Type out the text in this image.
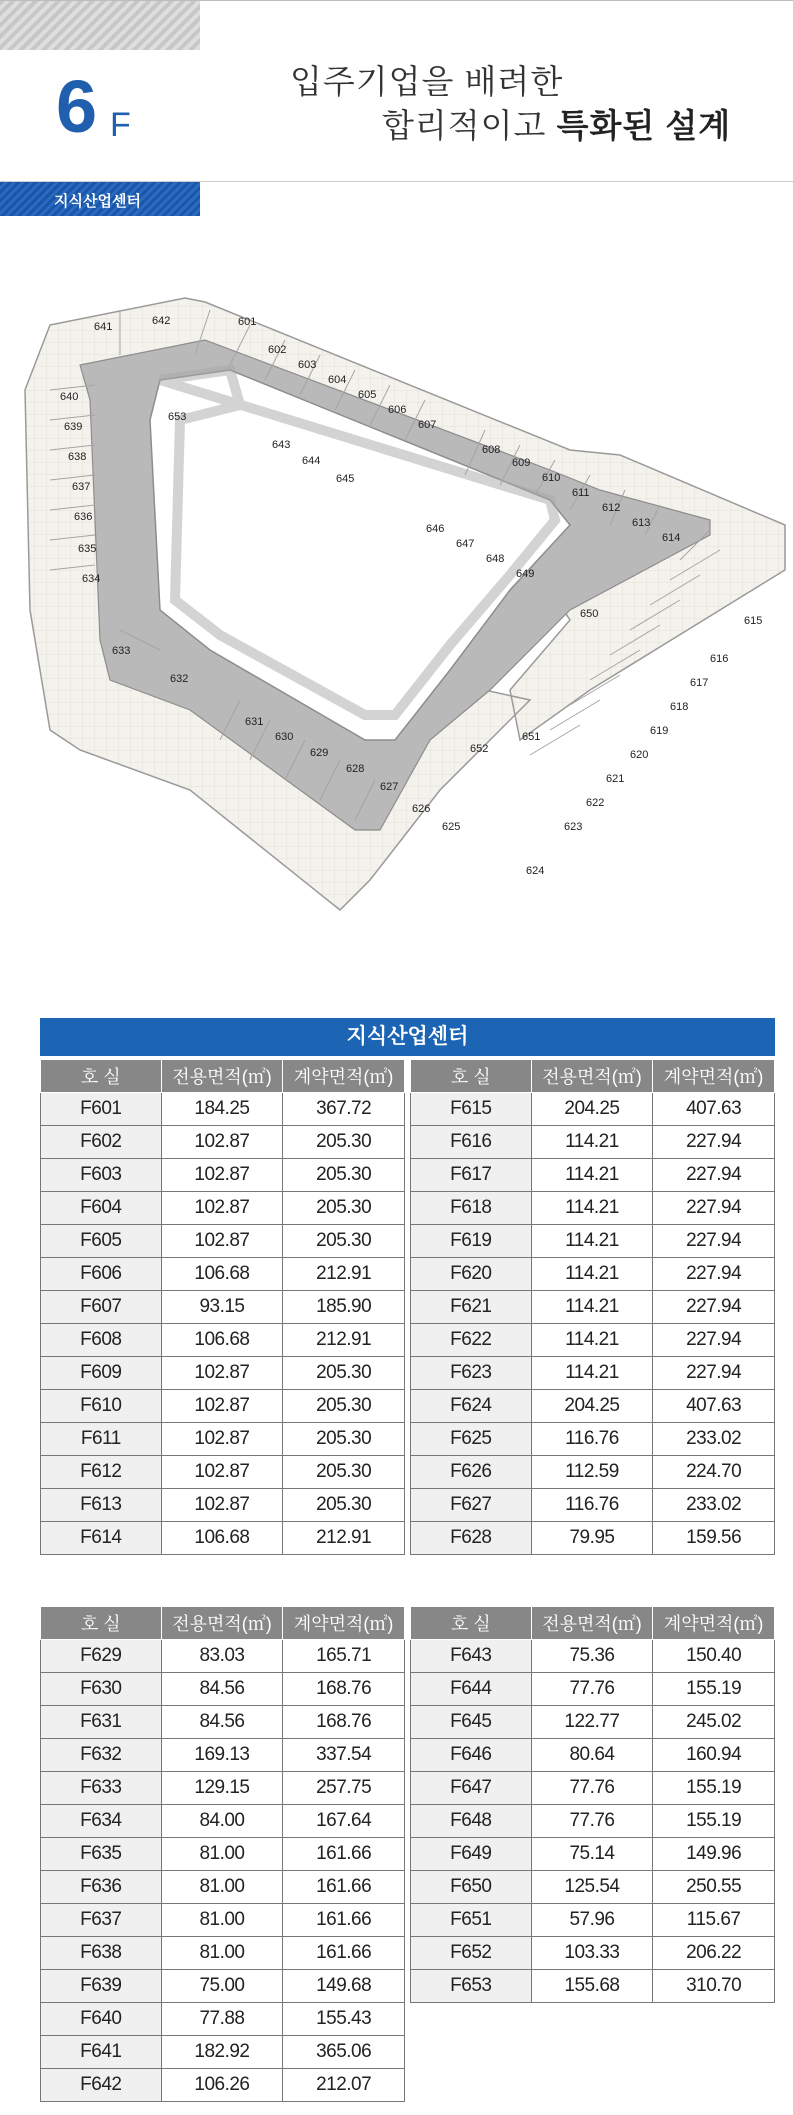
6 F
입주기업을 배려한
합리적이고 특화된 설계
지식산업센터
601
602
603
604
605
606
607
608
609
610
611
612
613
614
615
616
617
618
619
620
621
622
623
624
625
626
627
628
629
630
631
632
633
634
635
636
637
638
639
640
641	642
643
644
645
646
647
648
649
650
651
652
653
지식산업센터
호 실	전용면적(㎡)	계약면적(㎡)
F601	184.25	367.72
F602	102.87	205.30
F603	102.87	205.30
F604	102.87	205.30
F605	102.87	205.30
F606	106.68	212.91
F607	93.15	185.90
F608	106.68	212.91
F609	102.87	205.30
F610	102.87	205.30
F611	102.87	205.30
F612	102.87	205.30
F613	102.87	205.30
F614	106.68	212.91
호 실	전용면적(㎡)	계약면적(㎡)
F615	204.25	407.63
F616	114.21	227.94
F617	114.21	227.94
F618	114.21	227.94
F619	114.21	227.94
F620	114.21	227.94
F621	114.21	227.94
F622	114.21	227.94
F623	114.21	227.94
F624	204.25	407.63
F625	116.76	233.02
F626	112.59	224.70
F627	116.76	233.02
F628	79.95	159.56
호 실	전용면적(㎡)	계약면적(㎡)
F629	83.03	165.71
F630	84.56	168.76
F631	84.56	168.76
F632	169.13	337.54
F633	129.15	257.75
F634	84.00	167.64
F635	81.00	161.66
F636	81.00	161.66
F637	81.00	161.66
F638	81.00	161.66
F639	75.00	149.68
F640	77.88	155.43
F641	182.92	365.06
F642	106.26	212.07
호 실	전용면적(㎡)	계약면적(㎡)
F643	75.36	150.40
F644	77.76	155.19
F645	122.77	245.02
F646	80.64	160.94
F647	77.76	155.19
F648	77.76	155.19
F649	75.14	149.96
F650	125.54	250.55
F651	57.96	115.67
F652	103.33	206.22
F653	155.68	310.70
